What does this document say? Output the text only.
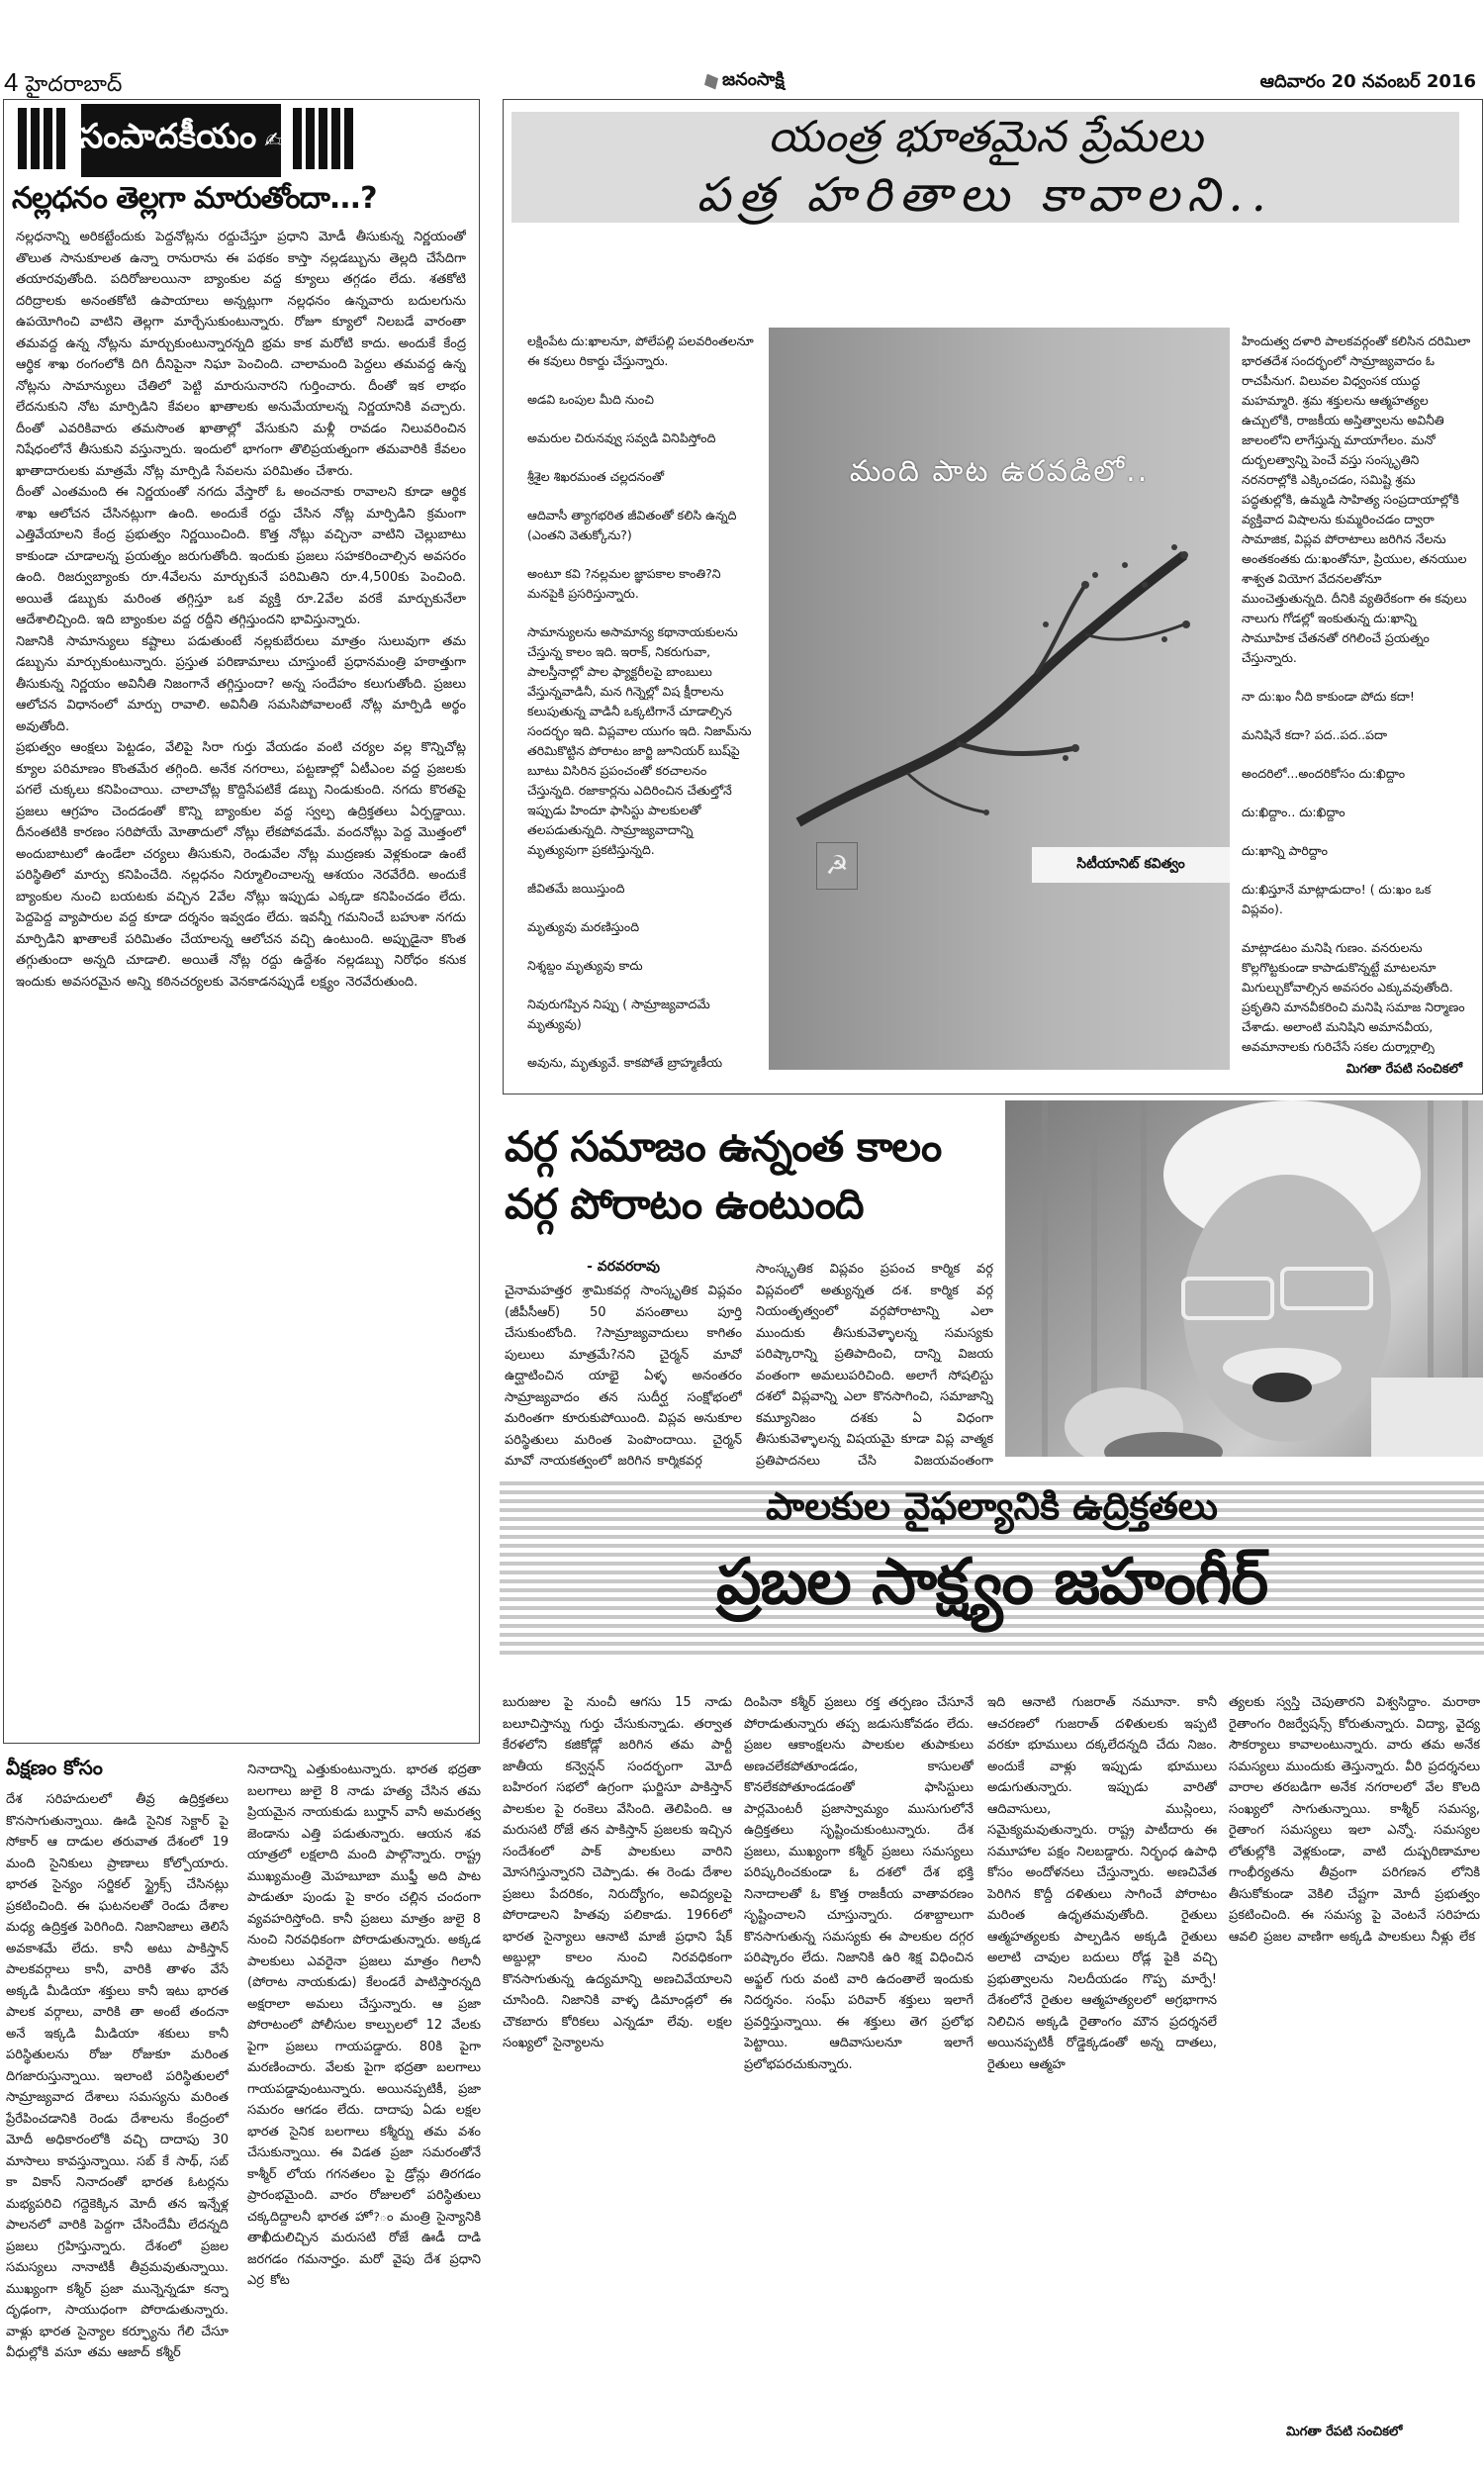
4 హైదరాబాద్	జనంసాక్షి	ఆదివారం 20 నవంబర్ 2016
సంపాదకీయం ✍
నల్లధనం తెల్లగా మారుతోందా...?

నల్లధనాన్ని అరికట్టేందుకు పెద్దనోట్లను రద్దుచేస్తూ ప్రధాని మోడీ తీసుకున్న నిర్ణయంతో తొలుత సానుకూలత ఉన్నా రానురాను ఈ పథకం కాస్తా నల్లడబ్బును తెల్లది చేసేదిగా తయారవుతోంది. పదిరోజులయినా బ్యాంకుల వద్ద క్యూలు తగ్గడం లేదు. శతకోటి దరిద్రాలకు అనంతకోటి ఉపాయాలు అన్నట్లుగా నల్లధనం ఉన్నవారు బదులగును ఉపయోగించి వాటిని తెల్లగా మార్చేసుకుంటున్నారు. రోజూ క్యూలో నిలబడే వారంతా తమవద్ద ఉన్న నోట్లను మార్చుకుంటున్నారన్నది భ్రమ కాక మరోటి కాదు. అందుకే కేంద్ర ఆర్థిక శాఖ రంగంలోకి దిగి దీనిపైనా నిఘా పెంచింది. చాలామంది పెద్దలు తమవద్ద ఉన్న నోట్లను సామాన్యులు చేతిలో పెట్టి మారుసునారని గుర్తించారు. దీంతో ఇక లాభం లేదనుకుని నోట మార్పిడిని కేవలం ఖాతాలకు అనుమేయాలన్న నిర్ణయానికి వచ్చారు. దీంతో ఎవరికివారు తమసొంత ఖాతాల్లో వేసుకుని మళ్లీ రావడం నిలువరించిన నిషేధంలోనే తీసుకుని వస్తున్నారు. ఇందులో భాగంగా తొలిప్రయత్నంగా తమవారికి కేవలం ఖాతాదారులకు మాత్రమే నోట్ల మార్పిడి సేవలను పరిమితం చేశారు.

దీంతో ఎంతమంది ఈ నిర్ణయంతో నగదు వేస్తారో ఓ అంచనాకు రావాలని కూడా ఆర్థిక శాఖ ఆలోచన చేసినట్లుగా ఉంది. అందుకే రద్దు చేసిన నోట్ల మార్పిడిని క్రమంగా ఎత్తివేయాలని కేంద్ర ప్రభుత్వం నిర్ణయించింది. కొత్త నోట్లు వచ్చినా వాటిని చెల్లుబాటు కాకుండా చూడాలన్న ప్రయత్నం జరుగుతోంది. ఇందుకు ప్రజలు సహకరించాల్సిన అవసరం ఉంది. రిజర్వుబ్యాంకు రూ.4వేలను మార్చుకునే పరిమితిని రూ.4,500కు పెంచింది. అయితే డబ్బుకు మరింత తగ్గిస్తూ ఒక వ్యక్తి రూ.2వేల వరకే మార్చుకునేలా ఆదేశాలిచ్చింది. ఇది బ్యాంకుల వద్ద రద్దీని తగ్గిస్తుందని భావిస్తున్నారు.

నిజానికి సామాన్యులు కష్టాలు పడుతుంటే నల్లకుబేరులు మాత్రం సులువుగా తమ డబ్బును మార్చుకుంటున్నారు. ప్రస్తుత పరిణామాలు చూస్తుంటే ప్రధానమంత్రి హఠాత్తుగా తీసుకున్న నిర్ణయం అవినీతి నిజంగానే తగ్గిస్తుందా? అన్న సందేహం కలుగుతోంది. ప్రజలు ఆలోచన విధానంలో మార్పు రావాలి. అవినీతి సమసిపోవాలంటే నోట్ల మార్పిడి అర్థం అవుతోంది.

ప్రభుత్వం ఆంక్షలు పెట్టడం, వేలిపై సిరా గుర్తు వేయడం వంటి చర్యల వల్ల కొన్నిచోట్ల క్యూల పరిమాణం కొంతమేర తగ్గింది. అనేక నగరాలు, పట్టణాల్లో ఏటీఎంల వద్ద ప్రజలకు పగలే చుక్కలు కనిపించాయి. చాలాచోట్ల కొద్దిసేపటికే డబ్బు నిండుకుంది. నగదు కొరతపై ప్రజలు ఆగ్రహం చెందడంతో కొన్ని బ్యాంకుల వద్ద స్వల్ప ఉద్రిక్తతలు ఏర్పడ్డాయి. దీనంతటికి కారణం సరిపోయే మోతాదులో నోట్లు లేకపోవడమే. వందనోట్లు పెద్ద మొత్తంలో అందుబాటులో ఉండేలా చర్యలు తీసుకుని, రెండువేల నోట్ల ముద్రణకు వెళ్లకుండా ఉంటే పరిస్థితిలో మార్పు కనిపించేది. నల్లధనం నిర్మూలించాలన్న ఆశయం నెరవేరేది. అందుకే బ్యాంకుల నుంచి బయటకు వచ్చిన 2వేల నోట్లు ఇప్పుడు ఎక్కడా కనిపించడం లేదు. పెద్దపెద్ద వ్యాపారుల వద్ద కూడా దర్శనం ఇవ్వడం లేదు. ఇవన్నీ గమనించే బహుశా నగదు మార్పిడిని ఖాతాలకే పరిమితం చేయాలన్న ఆలోచన వచ్చి ఉంటుంది. అప్పుడైనా కొంత తగ్గుతుందా అన్నది చూడాలి. అయితే నోట్ల రద్దు ఉద్దేశం నల్లడబ్బు నిరోధం కనుక ఇందుకు అవసరమైన అన్ని కఠినచర్యలకు వెనకాడనప్పుడే లక్ష్యం నెరవేరుతుంది.

వీక్షణం కోసం
దేశ సరిహదులలో తీవ్ర ఉద్రిక్తతలు కొనసాగుతున్నాయి. ఊడి సైనిక సెక్టార్ పై సోకార్ ఆ దాడుల తరువాత దేశంలో 19 మంది సైనికులు ప్రాణాలు కోల్పోయారు. భారత సైన్యం సర్జికల్ స్ట్రైక్స్ చేసినట్లు ప్రకటించింది. ఈ ఘటనలతో రెండు దేశాల మధ్య ఉద్రిక్తత పెరిగింది. నిజానిజాలు తెలిసే అవకాశమే లేదు. కానీ అటు పాకిస్తాన్ పాలకవర్గాలు కానీ, వారికి తాళం వేసే అక్కడి మీడియా శక్తులు కానీ ఇటు భారత పాలక వర్గాలు, వారికి తా అంటే తందనా అనే ఇక్కడి మీడియా శకులు కానీ పరిస్థితులను రోజు రోజుకూ మరింత దిగజారుస్తున్నాయి. ఇలాంటి పరిస్థితులలో సామ్రాజ్యవాద దేశాలు సమస్యను మరింత ప్రేరేపించడానికి రెండు దేశాలను కేంద్రంలో మోదీ అధికారంలోకి వచ్చి దాదాపు 30 మాసాలు కావస్తున్నాయి. సబ్ కే సాథ్, సబ్ కా వికాస్ నినాదంతో భారత ఓటర్లను మభ్యపరిచి గద్దెకెక్కిన మోదీ తన ఇన్నేళ్ల పాలనలో వారికి పెద్దగా చేసిందేమీ లేదన్నది ప్రజలు గ్రహిస్తున్నారు. దేశంలో ప్రజల సమస్యలు నానాటికీ తీవ్రమవుతున్నాయి. ముఖ్యంగా కశ్మీర్ ప్రజా మున్నెన్నడూ కన్నా దృఢంగా, సాయుధంగా పోరాడుతున్నారు. వాళ్లు భారత సైన్యాల కర్ఫ్యూను గేలి చేసూ వీధుల్లోకి వసూ తమ ఆజాద్ కశ్మీర్
నినాదాన్ని ఎత్తుకుంటున్నారు. భారత భద్రతా బలగాలు జులై 8 నాడు హత్య చేసిన తమ ప్రియమైన నాయకుడు బుర్హాన్ వానీ అమరత్వ జెండాను ఎత్తి పడుతున్నారు. ఆయన శవ యాత్రలో లక్షలాది మంది పాల్గొన్నారు. రాష్ట్ర ముఖ్యమంత్రి మెహబూబా ముఫ్తీ అది పాట పాడుతూ పుండు పై కారం చల్లిన చందంగా వ్యవహరిస్తోంది. కానీ ప్రజలు మాత్రం జులై 8 నుంచి నిరవధికంగా పోరాడుతున్నారు. అక్కడ పాలకులు ఎవరైనా ప్రజలు మాత్రం గిలానీ (పోరాట నాయకుడు) కేలండరే పాటిస్తారన్నది అక్షరాలా అమలు చేస్తున్నారు. ఆ ప్రజా పోరాటంలో పోలీసుల కాల్పులలో 12 వేలకు పైగా ప్రజలు గాయపడ్డారు. 80కి పైగా మరణించారు. వేలకు పైగా భద్రతా బలగాలు గాయపడ్డావుంటున్నారు. అయినప్పటికీ, ప్రజా సమరం ఆగడం లేదు. దాదాపు ఏడు లక్షల భారత సైనిక బలగాలు కశ్మీర్ను తమ వశం చేసుకున్నాయి. ఈ విడత ప్రజా సమరంతోనే కాశ్మీర్ లోయ గగనతలం పై డ్రోన్లు తిరగడం ప్రారంభమైంది. వారం రోజులలో పరిస్థితులు చక్కదిద్దాలనీ భారత హో?ం మంత్రి సైన్యానికి తాఖీదులిచ్చిన మరుసటి రోజే ఊడీ దాడి జరగడం గమనార్హం. మరో వైపు దేశ ప్రధాని ఎర్ర కోట
యంత్ర భూతమైన ప్రేమలు
పత్ర హరితాలు కావాలని..

లక్షింపేట దు:ఖాలనూ, పోలేపల్లి పలవరింతలనూ ఈ కవులు రికార్డు చేస్తున్నారు.

అడవి ఒంపుల మీది నుంచి

అమరుల చిరునవ్వు సవ్వడి వినిపిస్తోంది

శ్రీశైల శిఖరమంత చల్లదనంతో

ఆదివాసీ త్యాగభరిత జీవితంతో కలిసి ఉన్నది (ఎంతని వెతుక్కోను?)

అంటూ కవి ?నల్లమల జ్ఞాపకాల కాంతి?ని మనపైకి ప్రసరిస్తున్నారు.

సామాన్యులను అసామాన్య కథానాయకులను చేస్తున్న కాలం ఇది. ఇరాక్, నికరుగువా, పాలస్తీనాల్లో పాల ఫ్యాక్టరీలపై బాంబులు వేస్తున్నవాడినీ, మన గిన్నెల్లో విష క్షీరాలను కలుపుతున్న వాడినీ ఒక్కటిగానే చూడాల్సిన సందర్భం ఇది. విప్లవాల యుగం ఇది. నిజామ్‌ను తరిమికొట్టిన పోరాటం జార్జి జూనియర్ బుష్‌పై బూటు విసిరిన ప్రపంచంతో కరచాలనం చేస్తున్నది. రజాకార్లను ఎదిరించిన చేతుల్తోనే ఇప్పుడు హిందూ ఫాసిస్టు పాలకులతో తలపడుతున్నది. సామ్రాజ్యవాదాన్ని మృత్యువుగా ప్రకటిస్తున్నది.

జీవితమే జయిస్తుంది

మృత్యువు మరణిస్తుంది

నిశ్శబ్దం మృత్యువు కాదు

నివురుగప్పిన నిప్పు ( సామ్రాజ్యవాదమే మృత్యువు)

అవును, మృత్యువే. కాకపోతే బ్రాహ్మణీయ

మంది పాట ఉరవడిలో..
☭	సిటీయానిట్ కవిత్వం

హిందుత్వ దళారి పాలకవర్గంతో కలిసిన దరిమిలా భారతదేశ సందర్భంలో సామ్రాజ్యవాదం ఓ రాచపీనుగ. విలువల విధ్వంసక యుద్ధ మహమ్మారి. శ్రమ శక్తులను ఆత్మహత్యల ఉచ్చులోకి, రాజకీయ అస్తిత్వాలను అవినీతి జాలంలోని లాగేస్తున్న మాయాగేలం. మనో దుర్బలత్వాన్ని పెంచే వస్తు సంస్కృతిని నరనరాల్లోకి ఎక్కించడం, సమిష్టి శ్రమ పద్ధతుల్లోకి, ఉమ్మడి సాహిత్య సంప్రదాయాల్లోకి వ్యక్తివాద విషాలను కుమ్మరించడం ద్వారా సామాజిక, విప్లవ పోరాటాలు జరిగిన నేలను అంతకంతకు దు:ఖంతోనూ, ప్రియుల, తనయుల శాశ్వత వియోగ వేదనలతోనూ ముంచెత్తుతున్నది. దీనికి వ్యతిరేకంగా ఈ కవులు నాలుగు గోడల్లో ఇంకుతున్న దు:ఖాన్ని సామూహిక చేతనతో రగిలించే ప్రయత్నం చేస్తున్నారు.

నా దు:ఖం నీది కాకుండా పోదు కదా!

మనిషినే కదా? పద..పద..పదా

అందరిలో...అందరికోసం దు:ఖిద్దాం

దు:ఖిద్దాం.. దు:ఖిద్దాం

దు:ఖాన్ని పారిద్దాం

దు:ఖిస్తూనే మాట్లాడుదాం! ( దు:ఖం ఒక విప్లవం).

మాట్లాడటం మనిషి గుణం. వనరులను కొల్లగొట్టకుండా కాపాడుకొన్నట్టే మాటలనూ మిగుల్చుకోవాల్సిన అవసరం ఎక్కువవుతోంది. ప్రకృతిని మానవీకరించి మనిషి సమాజ నిర్మాణం చేశాడు. అలాంటి మనిషిని అమానవీయ, అవమానాలకు గురిచేసే సకల దుర్మార్గాల్ని

మిగతా రేపటి సంచికలో
వర్గ సమాజం ఉన్నంత కాలం
వర్గ పోరాటం ఉంటుంది
- వరవరరావు
చైనామహత్తర శ్రామికవర్గ సాంస్కృతిక విప్లవం (జీపీసీఆర్) 50 వసంతాలు పూర్తి చేసుకుంటోంది. ?సామ్రాజ్యవాదులు కాగితం పులులు మాత్రమే?నని చైర్మన్ మావో ఉద్ఘాటించిన యాభై ఏళ్ళ అనంతరం సామ్రాజ్యవాదం తన సుదీర్ఘ సంక్షోభంలో మరింతగా కూరుకుపోయింది. విప్లవ అనుకూల పరిస్థితులు మరింత పెంపొందాయి. చైర్మన్ మావో నాయకత్వంలో జరిగిన కార్మికవర్గ
సాంస్కృతిక విప్లవం ప్రపంచ కార్మిక వర్గ విప్లవంలో అత్యున్నత దశ. కార్మిక వర్గ నియంతృత్వంలో వర్గపోరాటాన్ని ఎలా ముందుకు తీసుకువెళ్ళాలన్న సమస్యకు పరిష్కారాన్ని ప్రతిపాదించి, దాన్ని విజయ వంతంగా అమలుపరిచింది. అలాగే సోషలిస్టు దశలో విప్లవాన్ని ఎలా కొనసాగించి, సమాజాన్ని కమ్యూనిజం దశకు ఏ విధంగా తీసుకువెళ్ళాలన్న విషయమై కూడా విప్ల వాత్మక ప్రతిపాదనలు చేసి విజయవంతంగా
పాలకుల వైఫల్యానికి ఉద్రిక్తతలు
ప్రబల సాక్ష్యం జహంగీర్
బురుజుల పై నుంచీ ఆగసు 15 నాడు బలూచిస్తాన్ను గుర్తు చేసుకున్నాడు. తర్వాత కేరళలోని కజికోడ్లో జరిగిన తమ పార్టీ జాతీయ కన్వెన్షన్ సందర్భంగా మోదీ బహిరంగ సభలో ఉగ్రంగా ఘర్జిసూ పాకిస్తాన్ పాలకుల పై రంకెలు వేసింది. తెలిపింది. ఆ మరుసటి రోజే తన పాకిస్తాన్ ప్రజలకు ఇచ్చిన సందేశంలో పాక్ పాలకులు వారిని మోసగిస్తున్నారని చెప్పాడు. ఈ రెండు దేశాల ప్రజలు పేదరికం, నిరుద్యోగం, అవిద్యలపై పోరాడాలని హితవు పలికాడు. 1966లో భారత సైన్యాలు ఆనాటి మాజీ ప్రధాని షేక్ అబ్దుల్లా కాలం నుంచి నిరవధికంగా కొనసాగుతున్న ఉద్యమాన్ని అణచివేయాలని చూసింది. నిజానికి వాళ్ళ డిమాండ్లలో ఈ చౌకబారు కోరికలు ఎన్నడూ లేవు. లక్షల సంఖ్యలో సైన్యాలను
దింపినా కశ్మీర్ ప్రజలు రక్త తర్పణం చేసూనే పోరాడుతున్నారు తప్ప జడుసుకోవడం లేదు. ప్రజల ఆకాంక్షలను పాలకుల తుపాకులు అణచలేకపోతూండడం, కాసులతో కొనలేకపోతూండడంతో ఫాసిస్టులు పార్లమెంటరీ ప్రజాస్వామ్యం ముసుగులోనే ఉద్రిక్తతలు సృష్టించుకుంటున్నారు. దేశ ప్రజలు, ముఖ్యంగా కశ్మీర్ ప్రజలు సమస్యలు పరిష్కరించకుండా ఓ దశలో దేశ భక్తి నినాదాలతో ఓ కొత్త రాజకీయ వాతావరణం సృష్టించాలని చూస్తున్నారు. దశాబ్దాలుగా కొనసాగుతున్న సమస్యకు ఈ పాలకుల దగ్గర పరిష్కారం లేదు. నిజానికి ఉరి శిక్ష విధించిన అఫ్జల్ గురు వంటి వారి ఉదంతాలే ఇందుకు నిదర్శనం. సంఘ్ పరివార్ శక్తులు ఇలాగే ప్రవర్తిస్తున్నాయి. ఈ శక్తులు తెగ ప్రలోభ పెట్టాయి. ఆదివాసులనూ ఇలాగే ప్రలోభపరచుకున్నారు.
ఇది ఆనాటి గుజరాత్ నమూనా. కానీ ఆచరణలో గుజరాత్ దళితులకు ఇప్పటి వరకూ భూములు దక్కలేదన్నది చేదు నిజం. అందుకే వాళ్లు ఇప్పుడు భూములు అడుగుతున్నారు. ఇప్పుడు వారితో ఆదివాసులు, ముస్లింలు, సమైక్యమవుతున్నారు. రాష్ట్ర పాటీదారు ఈ సమూహాల పక్షం నిలబడ్డారు. నిర్భంధ ఉపాధి కోసం అందోళనలు చేస్తున్నారు. అణచివేత పెరిగిన కొద్దీ దళితులు సాగించే పోరాటం మరింత ఉధృతమవుతోంది. రైతులు ఆత్మహత్యలకు పాల్పడిన అక్కడి రైతులు అలాటి చావుల బదులు రోడ్ల పైకి వచ్చి ప్రభుత్వాలను నిలదీయడం గొప్ప మార్పే! దేశంలోనే రైతుల ఆత్మహత్యలలో అగ్రభాగాన నిలిచిన అక్కడి రైతాంగం మౌన ప్రదర్శనలే అయినప్పటికీ రోడ్డెక్కడంతో అన్న దాతలు, రైతులు ఆత్మహ
త్యలకు స్వస్తి చెపుతారని విశ్వసిద్దాం. మరాఠా రైతాంగం రిజర్వేషన్స్ కోరుతున్నారు. విద్యా, వైద్య సౌకర్యాలు కావాలంటున్నారు. వారు తమ అనేక సమస్యలు ముందుకు తెస్తున్నారు. వీరి ప్రదర్శనలు వారాల తరబడిగా అనేక నగరాలలో వేల కొలది సంఖ్యలో సాగుతున్నాయి. కాశ్మీర్ సమస్య, రైతాంగ సమస్యలు ఇలా ఎన్నో. సమస్యల లోతుల్లోకి వెళ్లకుండా, వాటి దుష్పరిణామాల గాంభీర్యతను తీవ్రంగా పరిగణన లోనికి తీసుకోకుండా వెకిలి చేష్టగా మోదీ ప్రభుత్వం ప్రకటించింది. ఈ సమస్య పై వెంటనే సరిహదు ఆవలి ప్రజల వాణిగా అక్కడి పాలకులు నీళ్లు లేక
మిగతా రేపటి సంచికలో
